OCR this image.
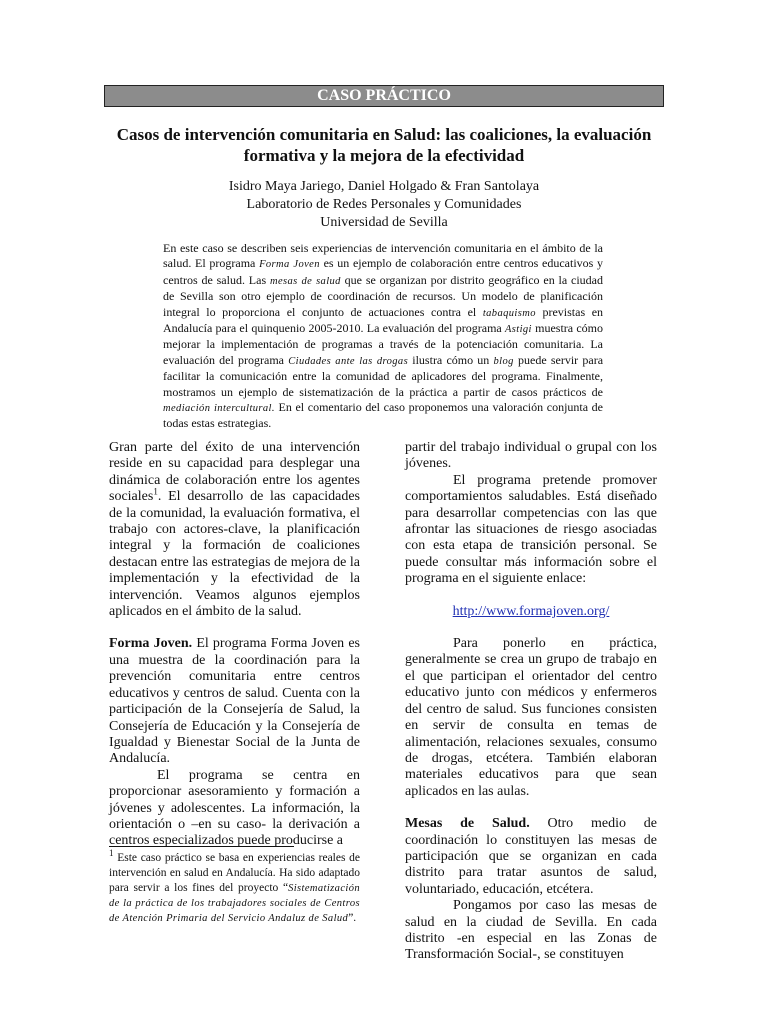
CASO PRÁCTICO
Casos de intervención comunitaria en Salud: las coaliciones, la evaluación formativa y la mejora de la efectividad
Isidro Maya Jariego, Daniel Holgado & Fran Santolaya
Laboratorio de Redes Personales y Comunidades
Universidad de Sevilla
En este caso se describen seis experiencias de intervención comunitaria en el ámbito de la salud. El programa Forma Joven es un ejemplo de colaboración entre centros educativos y centros de salud. Las mesas de salud que se organizan por distrito geográfico en la ciudad de Sevilla son otro ejemplo de coordinación de recursos. Un modelo de planificación integral lo proporciona el conjunto de actuaciones contra el tabaquismo previstas en Andalucía para el quinquenio 2005-2010. La evaluación del programa Astigi muestra cómo mejorar la implementación de programas a través de la potenciación comunitaria. La evaluación del programa Ciudades ante las drogas ilustra cómo un blog puede servir para facilitar la comunicación entre la comunidad de aplicadores del programa. Finalmente, mostramos un ejemplo de sistematización de la práctica a partir de casos prácticos de mediación intercultural. En el comentario del caso proponemos una valoración conjunta de todas estas estrategias.

Gran parte del éxito de una intervención reside en su capacidad para desplegar una dinámica de colaboración entre los agentes sociales$^1$. El desarrollo de las capacidades de la comunidad, la evaluación formativa, el trabajo con actores-clave, la planificación integral y la formación de coaliciones destacan entre las estrategias de mejora de la implementación y la efectividad de la intervención. Veamos algunos ejemplos aplicados en el ámbito de la salud.

Forma Joven. El programa Forma Joven es una muestra de la coordinación para la prevención comunitaria entre centros educativos y centros de salud. Cuenta con la participación de la Consejería de Salud, la Consejería de Educación y la Consejería de Igualdad y Bienestar Social de la Junta de Andalucía.

El programa se centra en proporcionar asesoramiento y formación a jóvenes y adolescentes. La información, la orientación o –en su caso- la derivación a centros especializados puede producirse a

$^1$ Este caso práctico se basa en experiencias reales de intervención en salud en Andalucía. Ha sido adaptado para servir a los fines del proyecto “Sistematización de la práctica de los trabajadores sociales de Centros de Atención Primaria del Servicio Andaluz de Salud”.

partir del trabajo individual o grupal con los jóvenes.

El programa pretende promover comportamientos saludables. Está diseñado para desarrollar competencias con las que afrontar las situaciones de riesgo asociadas con esta etapa de transición personal. Se puede consultar más información sobre el programa en el siguiente enlace:

http://www.formajoven.org/

Para ponerlo en práctica, generalmente se crea un grupo de trabajo en el que participan el orientador del centro educativo junto con médicos y enfermeros del centro de salud. Sus funciones consisten en servir de consulta en temas de alimentación, relaciones sexuales, consumo de drogas, etcétera. También elaboran materiales educativos para que sean aplicados en las aulas.

Mesas de Salud. Otro medio de coordinación lo constituyen las mesas de participación que se organizan en cada distrito para tratar asuntos de salud, voluntariado, educación, etcétera.

Pongamos por caso las mesas de salud en la ciudad de Sevilla. En cada distrito -en especial en las Zonas de Transformación Social-, se constituyen
